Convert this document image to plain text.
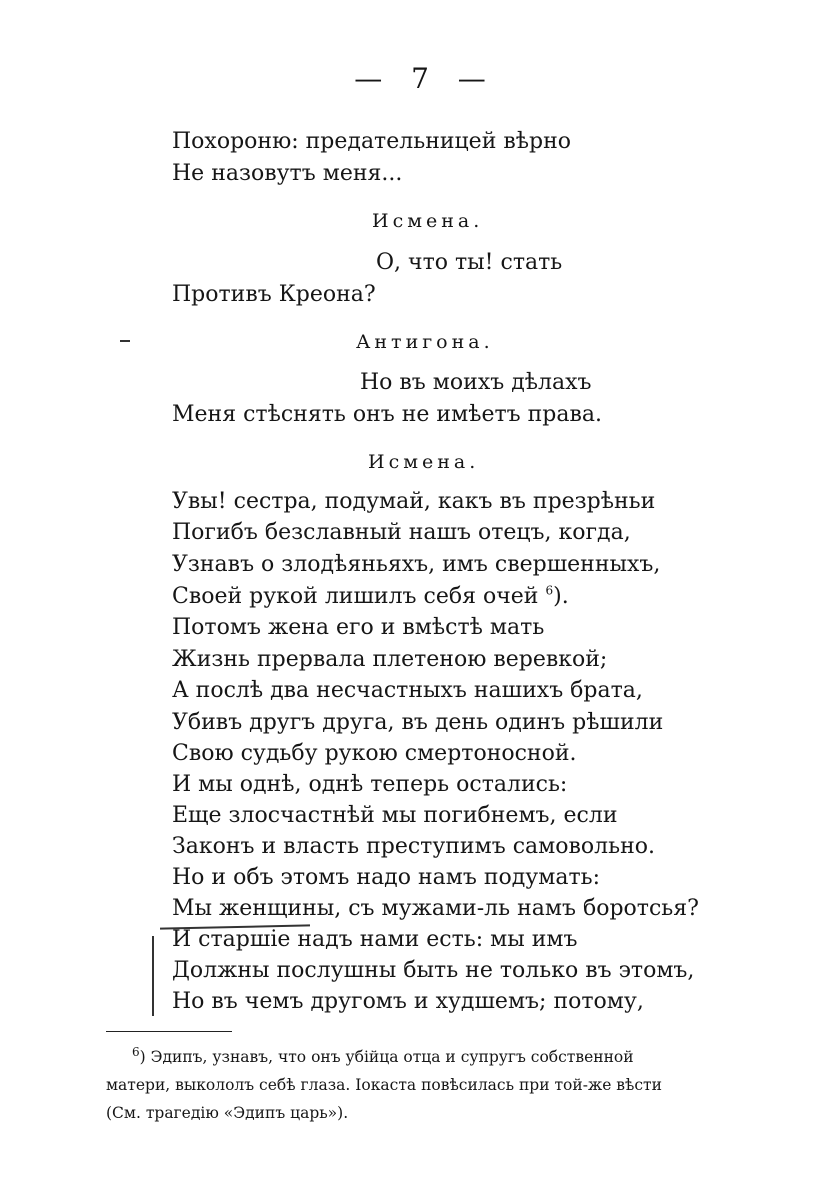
— 7 —
Похороню: предательницей вѣрно
Не назовутъ меня...
Исмена.
О, что ты! стать
Противъ Креона?
Антигона.
Но въ моихъ дѣлахъ
Меня стѣснять онъ не имѣетъ права.
Исмена.
Увы! сестра, подумай, какъ въ презрѣньи
Погибъ безславный нашъ отецъ, когда,
Узнавъ о злодѣяньяхъ, имъ свершенныхъ,
Своей рукой лишилъ себя очей $^6$).
Потомъ жена его и вмѣстѣ мать
Жизнь прервала плетеною веревкой;
А послѣ два несчастныхъ нашихъ брата,
Убивъ другъ друга, въ день одинъ рѣшили
Свою судьбу рукою смертоносной.
И мы однѣ, однѣ теперь остались:
Еще злосчастнѣй мы погибнемъ, если
Законъ и власть преступимъ самовольно.
Но и объ этомъ надо намъ подумать:
Мы женщины, съ мужами-ль намъ боротсья?
И старшіе надъ нами есть: мы имъ
Должны послушны быть не только въ этомъ,
Но въ чемъ другомъ и худшемъ; потому,
$^6$) Эдипъ, узнавъ, что онъ убійца отца и супругъ собственной
матери, выкололъ себѣ глаза. Іокаста повѣсилась при той-же вѣсти
(См. трагедію «Эдипъ царь»).
